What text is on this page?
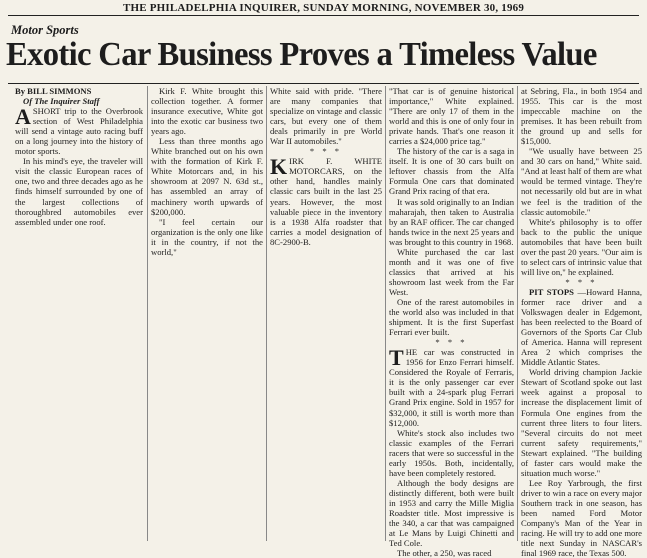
THE PHILADELPHIA INQUIRER, SUNDAY MORNING, NOVEMBER 30, 1969
Motor Sports
Exotic Car Business Proves a Timeless Value

By BILL SIMMONS

Of The Inquirer Staff

ASHORT trip to the Overbrook section of West Philadelphia will send a vintage auto racing buff on a long journey into the history of motor sports.

In his mind's eye, the traveler will visit the classic European races of one, two and three decades ago as he finds himself surrounded by one of the largest collections of thoroughbred automobiles ever assembled under one roof.

Kirk F. White brought this collection together. A former insurance executive, White got into the exotic car business two years ago.

Less than three months ago White branched out on his own with the formation of Kirk F. White Motorcars and, in his showroom at 2097 N. 63d st., has assembled an array of machinery worth upwards of $200,000.

"I feel certain our organization is the only one like it in the country, if not the world,"

White said with pride. "There are many companies that specialize on vintage and classic cars, but every one of them deals primarily in pre World War II automobiles."

* * *

KIRK F. WHITE MOTORCARS, on the other hand, handles mainly classic cars built in the last 25 years. However, the most valuable piece in the inventory is a 1938 Alfa roadster that carries a model designation of 8C-2900-B.

"That car is of genuine historical importance," White explained. "There are only 17 of them in the world and this is one of only four in private hands. That's one reason it carries a $24,000 price tag."

The history of the car is a saga in itself. It is one of 30 cars built on leftover chassis from the Alfa Formula One cars that dominated Grand Prix racing of that era.

It was sold originally to an Indian maharajah, then taken to Australia by an RAF officer. The car changed hands twice in the next 25 years and was brought to this country in 1968.

White purchased the car last month and it was one of five classics that arrived at his showroom last week from the Far West.

One of the rarest automobiles in the world also was included in that shipment. It is the first Superfast Ferrari ever built.

* * *

THE car was constructed in 1956 for Enzo Ferrari himself. Considered the Royale of Ferraris, it is the only passenger car ever built with a 24-spark plug Ferrari Grand Prix engine. Sold in 1957 for $32,000, it still is worth more than $12,000.

White's stock also includes two classic examples of the Ferrari racers that were so successful in the early 1950s. Both, incidentally, have been completely restored.

Although the body designs are distinctly different, both were built in 1953 and carry the Mille Miglia Roadster title. Most impressive is the 340, a car that was campaigned at Le Mans by Luigi Chinetti and Ted Cole.

The other, a 250, was raced

at Sebring, Fla., in both 1954 and 1955. This car is the most impeccable machine on the premises. It has been rebuilt from the ground up and sells for $15,000.

"We usually have between 25 and 30 cars on hand," White said. "And at least half of them are what would be termed vintage. They're not necessarily old but are in what we feel is the tradition of the classic automobile."

White's philosophy is to offer back to the public the unique automobiles that have been built over the past 20 years. "Our aim is to select cars of intrinsic value that will live on," he explained.

* * *

PIT STOPS —Howard Hanna, former race driver and a Volkswagen dealer in Edgemont, has been reelected to the Board of Governors of the Sports Car Club of America. Hanna will represent Area 2 which comprises the Middle Atlantic States.

World driving champion Jackie Stewart of Scotland spoke out last week against a proposal to increase the displacement limit of Formula One engines from the current three liters to four liters. "Several circuits do not meet current safety requirements," Stewart explained. "The building of faster cars would make the situation much worse."

Lee Roy Yarbrough, the first driver to win a race on every major Southern track in one season, has been named Ford Motor Company's Man of the Year in racing. He will try to add one more title next Sunday in NASCAR's final 1969 race, the Texas 500.
